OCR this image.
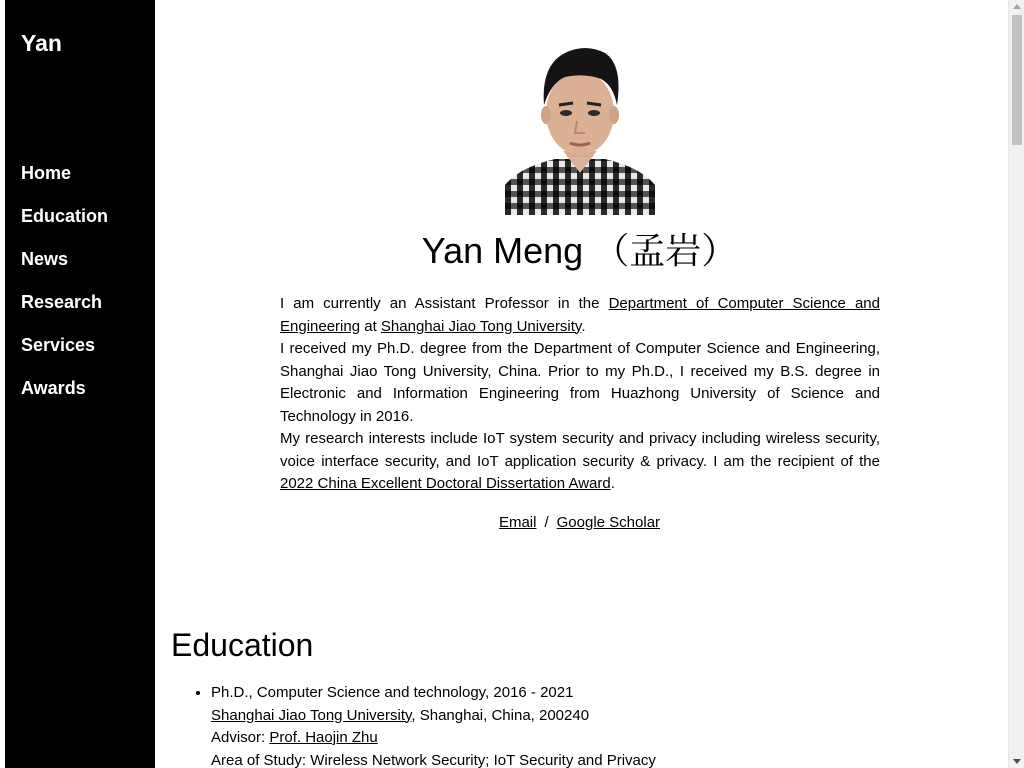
Yan
Home
Education
News
Research
Services
Awards
Yan Meng （孟岩）

I am currently an Assistant Professor in the Department of Computer Science and Engineering at Shanghai Jiao Tong University.

I received my Ph.D. degree from the Department of Computer Science and Engineering, Shanghai Jiao Tong University, China. Prior to my Ph.D., I received my B.S. degree in Electronic and Information Engineering from Huazhong University of Science and Technology in 2016.

My research interests include IoT system security and privacy including wireless security, voice interface security, and IoT application security & privacy. I am the recipient of the 2022 China Excellent Doctoral Dissertation Award.

Email / Google Scholar
Education
• Ph.D., Computer Science and technology, 2016 - 2021
Shanghai Jiao Tong University, Shanghai, China, 200240
Advisor: Prof. Haojin Zhu
Area of Study: Wireless Network Security; IoT Security and Privacy
